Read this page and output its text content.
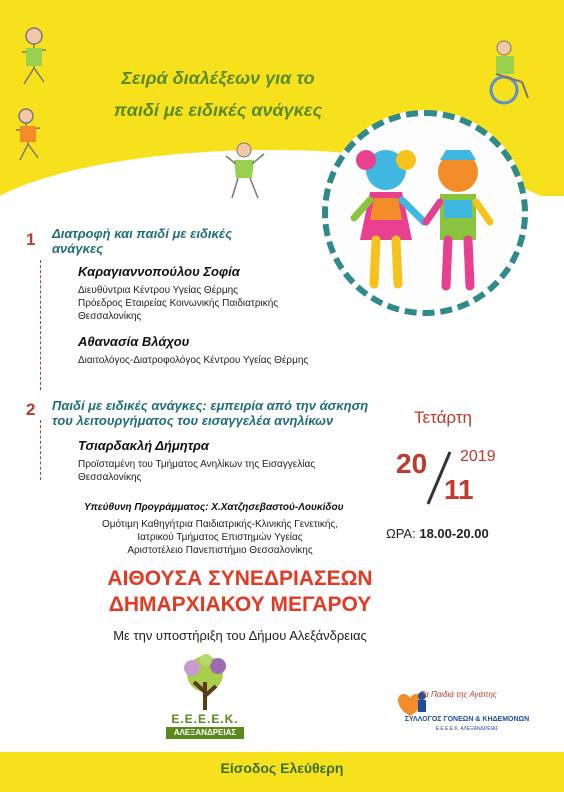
Σειρά διαλέξεων για το
παιδί με ειδικές ανάγκες
1 Διατροφή και παιδί με ειδικές
ανάγκες
Καραγιαννοπούλου Σοφία
Διευθύντρια Κέντρου Υγείας Θέρμης
Πρόεδρος Εταιρείας Κοινωνικής Παιδιατρικής
Θεσσαλονίκης
Αθανασία Βλάχου
Διαιτολόγος-Διατροφολόγος Κέντρου Υγείας Θέρμης
2 Παιδί με ειδικές ανάγκες: εμπειρία από την άσκηση
του λειτουργήματος του εισαγγελέα ανηλίκων
Τσιαρδακλή Δήμητρα
Προϊσταμένη του Τμήματος Ανηλίκων της Εισαγγελίας
Θεσσαλονίκης
Υπεύθυνη Προγράμματος: Χ.Χατζησεβαστού-Λουκίδου
Ομότιμη Καθηγήτρια Παιδιατρικής-Κλινικής Γενετικής,
Ιατρικού Τμήματος Επιστημών Υγείας
Αριστοτέλειο Πανεπιστήμιο Θεσσαλονίκης
Τετάρτη
20
11
2019
ΩΡΑ: 18.00-20.00
ΑΙΘΟΥΣΑ ΣΥΝΕΔΡΙΑΣΕΩΝ
ΔΗΜΑΡΧΙΑΚΟΥ ΜΕΓΑΡΟΥ
Με την υποστήριξη του Δήμου Αλεξάνδρειας
Ε.Ε.Ε.Ε.Κ.
ΑΛΕΞΑΝΔΡΕΙΑΣ
Τα Παιδιά της Αγάπης
ΣΥΛΛΟΓΟΣ ΓΟΝΕΩΝ & ΚΗΔΕΜΟΝΩΝ
Ε.Ε.Ε.Ε.Κ. ΑΛΕΞΑΝΔΡΕΙΑΣ
Είσοδος Ελεύθερη
